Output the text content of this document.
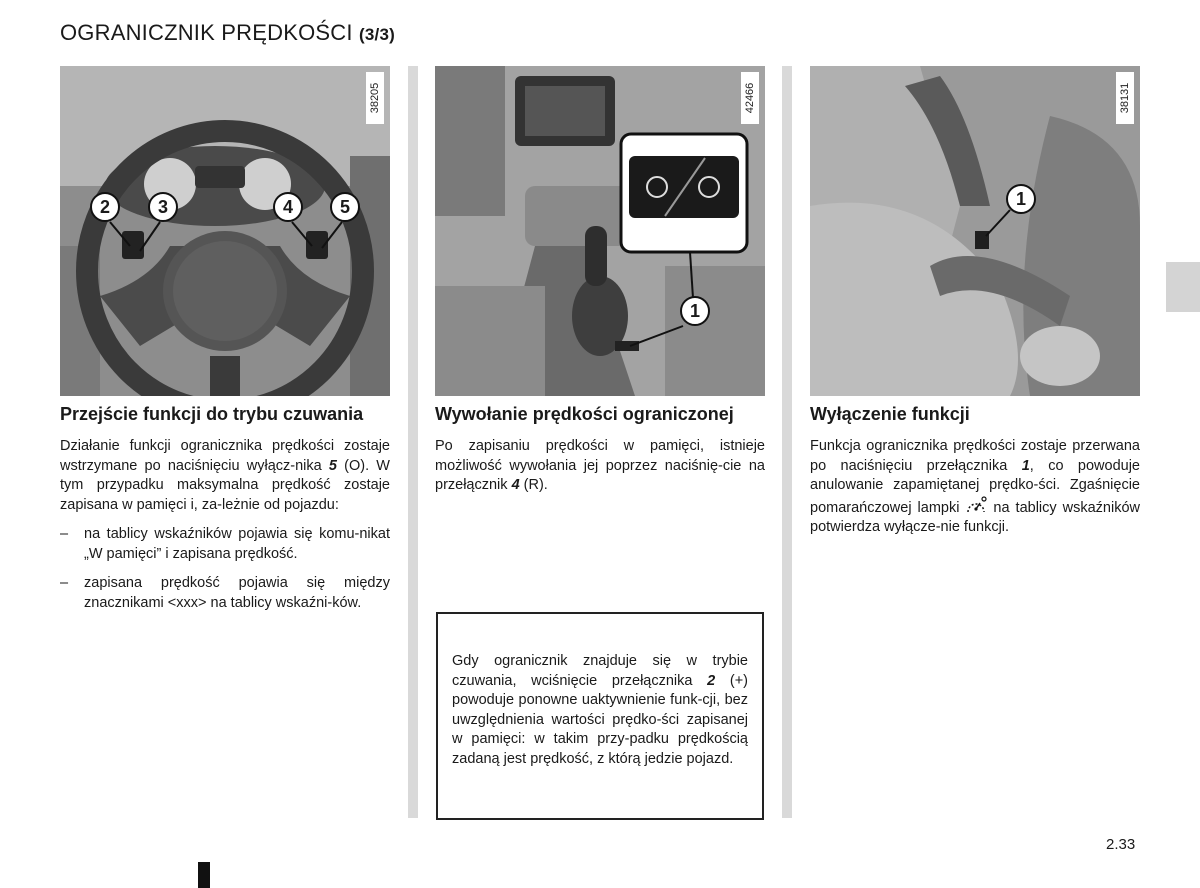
OGRANICZNIK PRĘDKOŚCI (3/3)
38205
2	3	4	5
42466
1
38131
1
Przejście funkcji do trybu czuwania
Działanie funkcji ogranicznika prędkości zostaje wstrzymane po naciśnięciu wyłącz-nika 5 (O). W tym przypadku maksymalna prędkość zostaje zapisana w pamięci i, za-leżnie od pojazdu:
– na tablicy wskaźników pojawia się komu-nikat „W pamięci” i zapisana prędkość.
– zapisana prędkość pojawia się między znacznikami <xxx> na tablicy wskaźni-ków.
Wywołanie prędkości ograniczonej
Po zapisaniu prędkości w pamięci, istnieje możliwość wywołania jej poprzez naciśnię-cie na przełącznik 4 (R).
Gdy ogranicznik znajduje się w trybie czuwania, wciśnięcie przełącznika 2 (+) powoduje ponowne uaktywnienie funk-cji, bez uwzględnienia wartości prędko-ści zapisanej w pamięci: w takim przy-padku prędkością zadaną jest prędkość, z którą jedzie pojazd.
Wyłączenie funkcji
Funkcja ogranicznika prędkości zostaje przerwana po naciśnięciu przełącznika 1, co powoduje anulowanie zapamiętanej prędko-ści. Zgaśnięcie pomarańczowej lampki  na tablicy wskaźników potwierdza wyłącze-nie funkcji.
2.33
